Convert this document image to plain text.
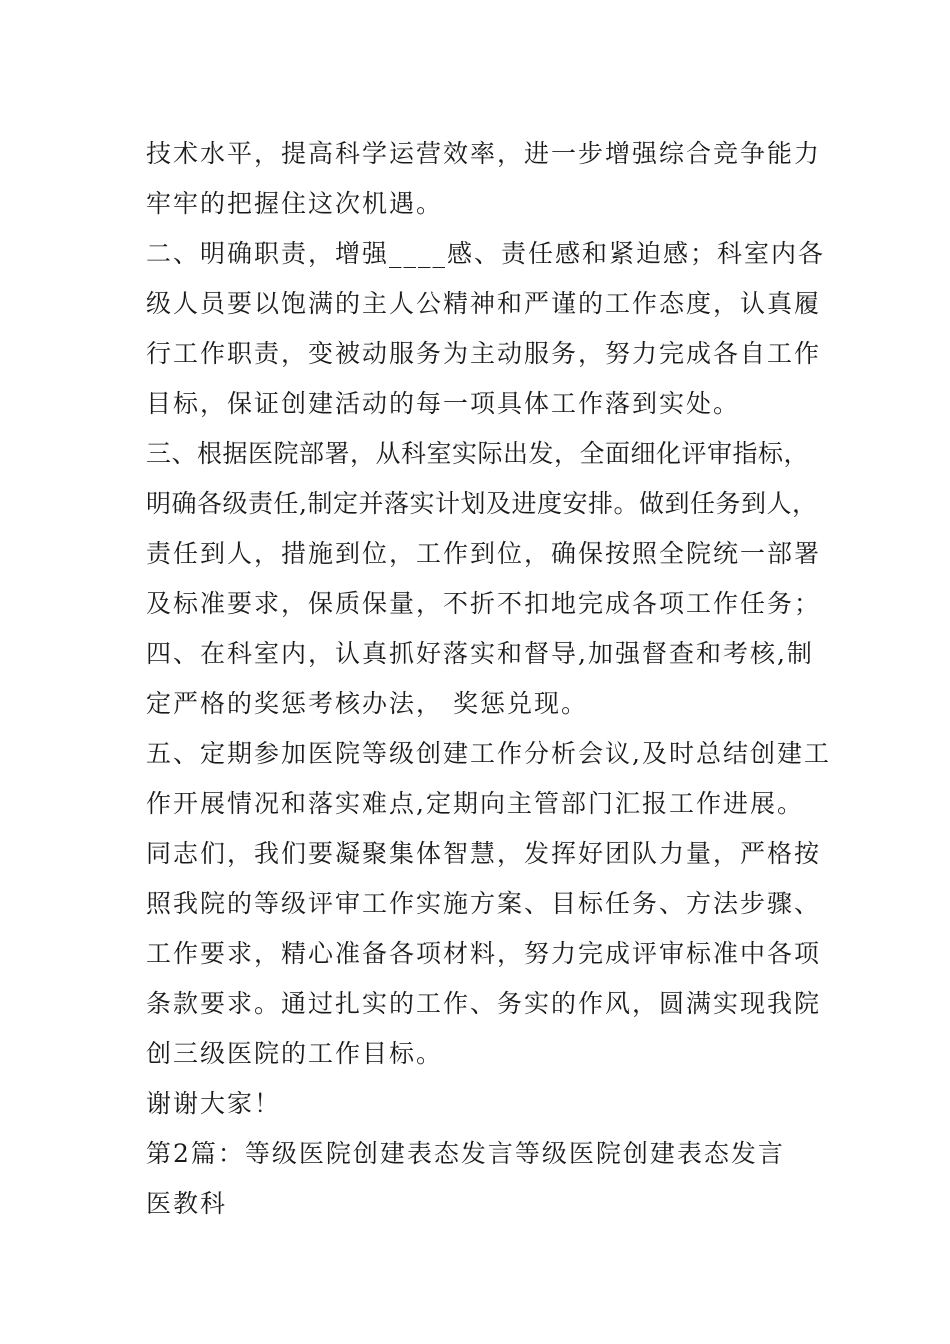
技术水平，提高科学运营效率，进一步增强综合竞争能力
牢牢的把握住这次机遇。
二、明确职责，增强____感、责任感和紧迫感；科室内各
级人员要以饱满的主人公精神和严谨的工作态度，认真履
行工作职责，变被动服务为主动服务，努力完成各自工作
目标，保证创建活动的每一项具体工作落到实处。
三、根据医院部署，从科室实际出发，全面细化评审指标，
明确各级责任,制定并落实计划及进度安排。做到任务到人，
责任到人，措施到位，工作到位，确保按照全院统一部署
及标准要求，保质保量，不折不扣地完成各项工作任务；
四、在科室内，认真抓好落实和督导,加强督查和考核,制
定严格的奖惩考核办法， 奖惩兑现。
五、定期参加医院等级创建工作分析会议,及时总结创建工
作开展情况和落实难点,定期向主管部门汇报工作进展。
同志们，我们要凝聚集体智慧，发挥好团队力量，严格按
照我院的等级评审工作实施方案、目标任务、方法步骤、
工作要求，精心准备各项材料，努力完成评审标准中各项
条款要求。通过扎实的工作、务实的作风，圆满实现我院
创三级医院的工作目标。
谢谢大家！
第2篇：等级医院创建表态发言等级医院创建表态发言
医教科
